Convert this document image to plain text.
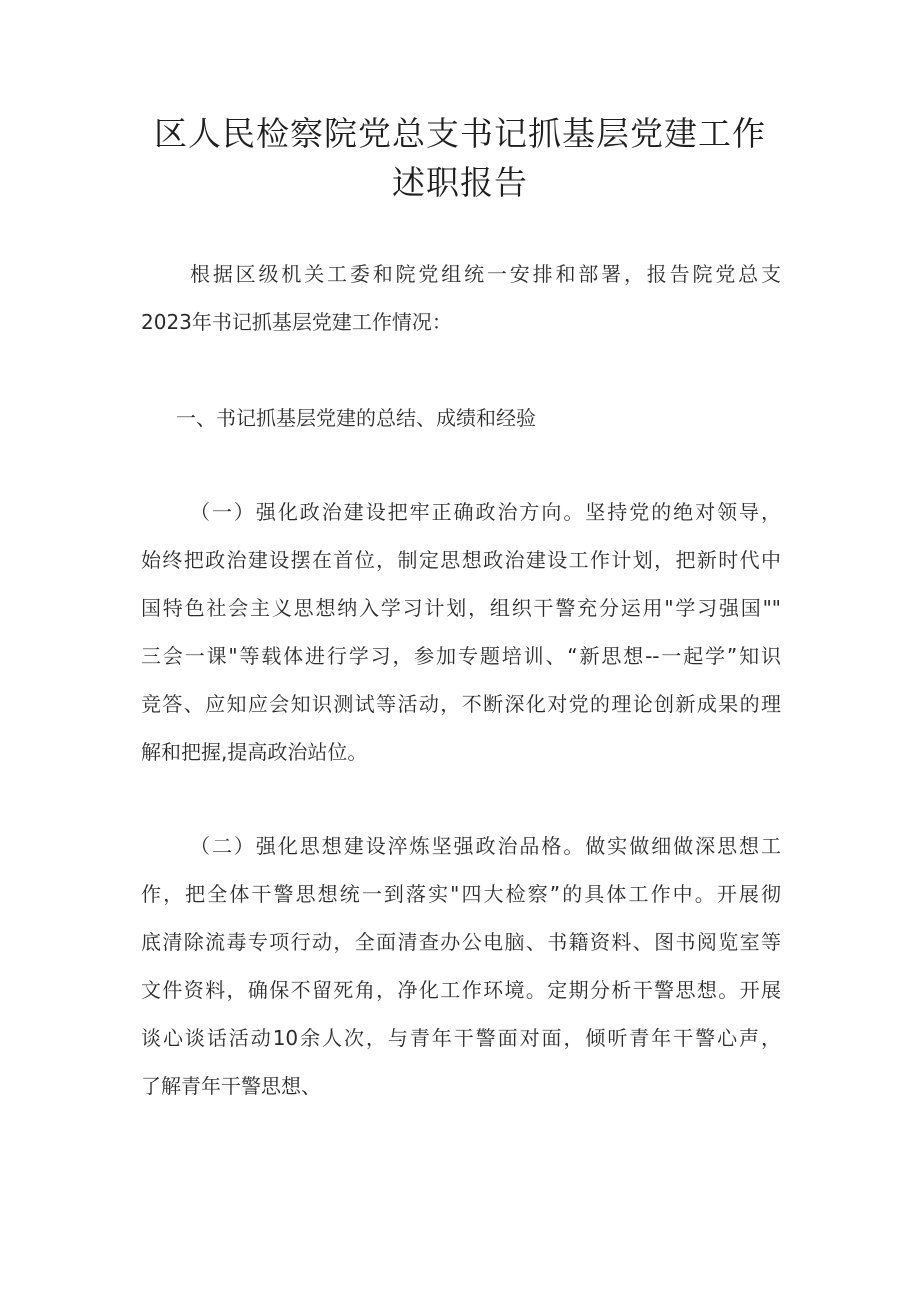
区人民检察院党总支书记抓基层党建工作
述职报告
根据区级机关工委和院党组统一安排和部署，报告院党总支
2023年书记抓基层党建工作情况：
一、书记抓基层党建的总结、成绩和经验
（一）强化政治建设把牢正确政治方向。坚持党的绝对领导，
始终把政治建设摆在首位，制定思想政治建设工作计划，把新时代中
国特色社会主义思想纳入学习计划，组织干警充分运用"学习强国""
三会一课"等载体进行学习，参加专题培训、“新思想--一起学”知识
竞答、应知应会知识测试等活动，不断深化对党的理论创新成果的理
解和把握,提高政治站位。
（二）强化思想建设淬炼坚强政治品格。做实做细做深思想工
作，把全体干警思想统一到落实"四大检察”的具体工作中。开展彻
底清除流毒专项行动，全面清查办公电脑、书籍资料、图书阅览室等
文件资料，确保不留死角，净化工作环境。定期分析干警思想。开展
谈心谈话活动10余人次，与青年干警面对面，倾听青年干警心声，
了解青年干警思想、
